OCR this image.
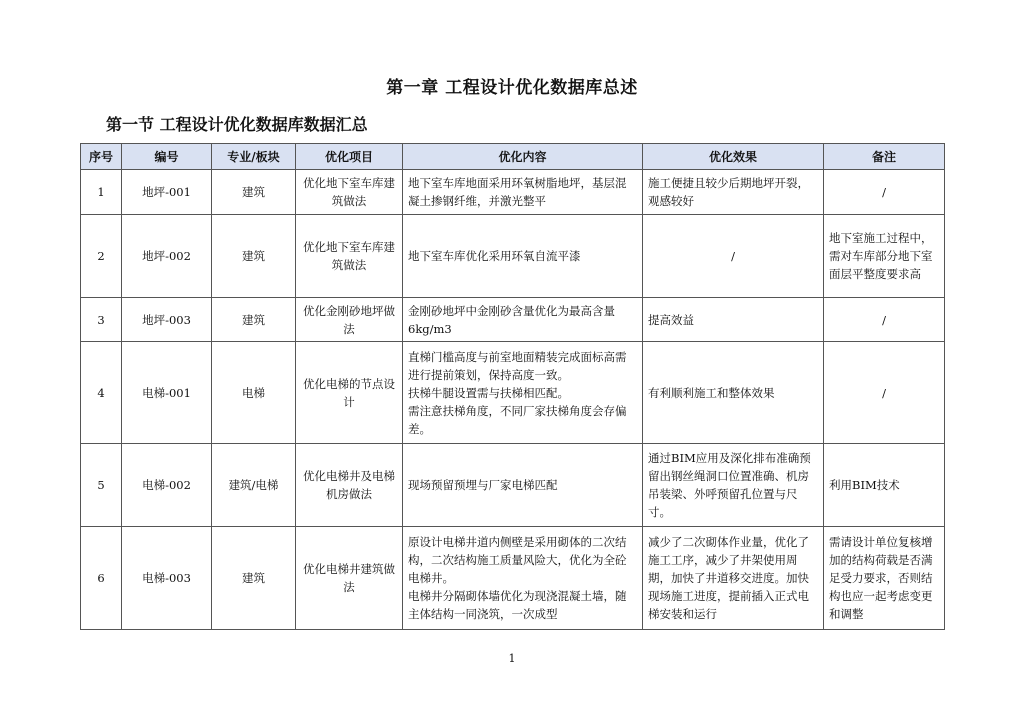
第一章 工程设计优化数据库总述
第一节 工程设计优化数据库数据汇总
序号	编号	专业/板块	优化项目	优化内容	优化效果	备注
1	地坪-001	建筑	优化地下室车库建筑做法	地下室车库地面采用环氧树脂地坪，基层混凝土掺钢纤维，并激光整平	施工便捷且较少后期地坪开裂，观感较好	/
2	地坪-002	建筑	优化地下室车库建筑做法	地下室车库优化采用环氧自流平漆	/	地下室施工过程中，需对车库部分地下室面层平整度要求高
3	地坪-003	建筑	优化金刚砂地坪做法	金刚砂地坪中金刚砂含量优化为最高含量6kg/m3	提高效益	/
4	电梯-001	电梯	优化电梯的节点设计	直梯门槛高度与前室地面精装完成面标高需进行提前策划，保持高度一致。
扶梯牛腿设置需与扶梯相匹配。
需注意扶梯角度，不同厂家扶梯角度会存偏差。	有利顺利施工和整体效果	/
5	电梯-002	建筑/电梯	优化电梯井及电梯机房做法	现场预留预埋与厂家电梯匹配	通过BIM应用及深化排布准确预留出钢丝绳洞口位置准确、机房吊装梁、外呼预留孔位置与尺寸。	利用BIM技术
6	电梯-003	建筑	优化电梯井建筑做法	原设计电梯井道内侧壁是采用砌体的二次结构，二次结构施工质量风险大，优化为全砼电梯井。
电梯井分隔砌体墙优化为现浇混凝土墙，随主体结构一同浇筑，一次成型	减少了二次砌体作业量，优化了施工工序，减少了井架使用周期，加快了井道移交进度。加快现场施工进度，提前插入正式电梯安装和运行	需请设计单位复核增加的结构荷载是否满足受力要求，否则结构也应一起考虑变更和调整
1
